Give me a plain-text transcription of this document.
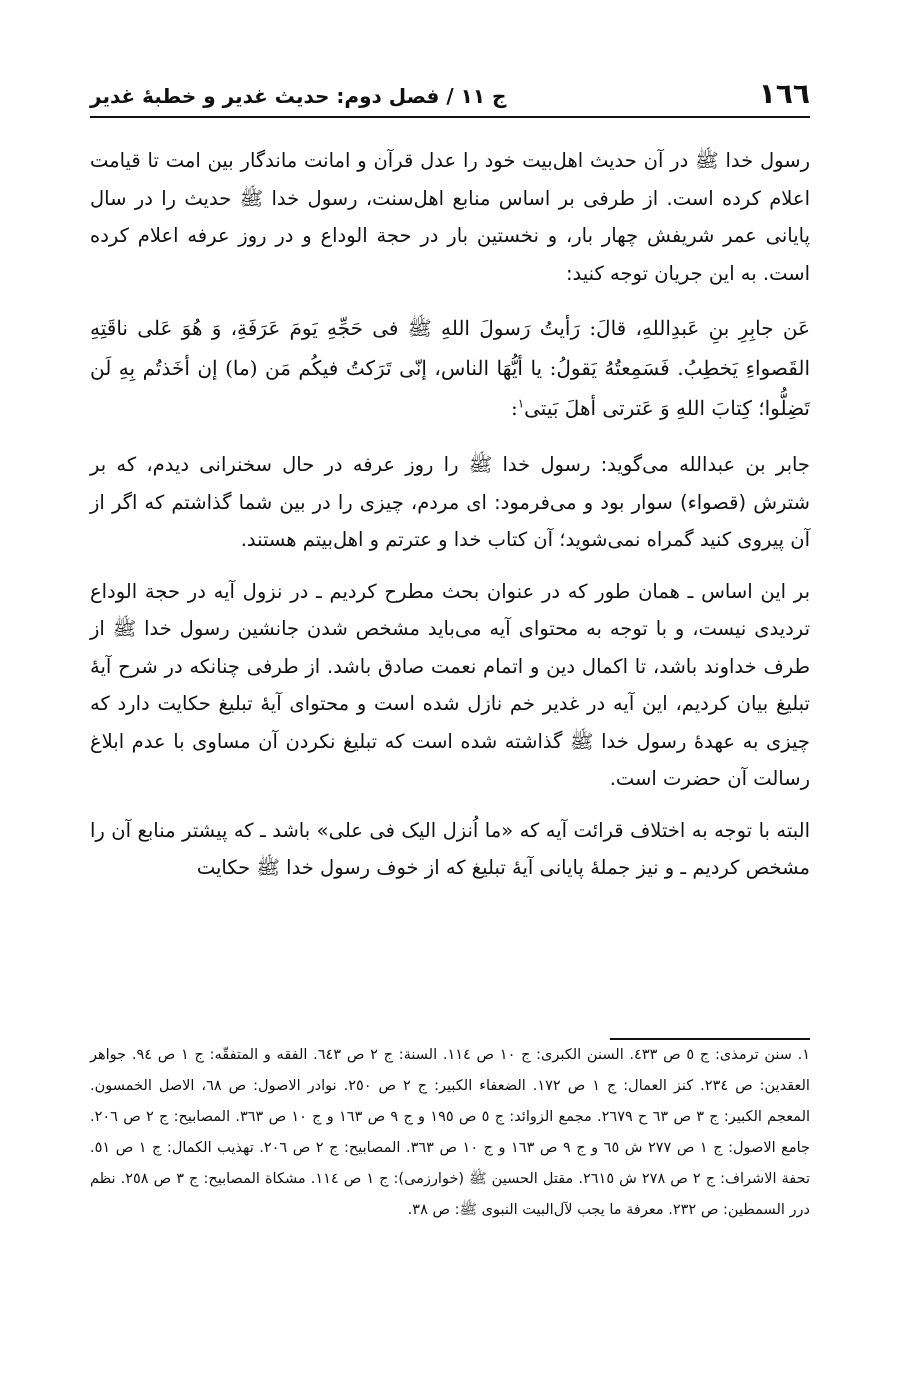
١٦٦
ج ١١ / فصل دوم: حديث غدير و خطبهٔ غدير

رسول خدا ﷺ در آن حدیث اهل‌بیت خود را عدل قرآن و امانت ماندگار بین امت تا قیامت اعلام کرده است. از طرفی بر اساس منابع اهل‌سنت، رسول خدا ﷺ حدیث را در سال پایانی عمر شریفش چهار بار، و نخستین بار در حجة الوداع و در روز عرفه اعلام کرده است. به این جریان توجه کنید:

عَن جابِرِ بنِ عَبدِاللهِ، قالَ: رَأیتُ رَسولَ اللهِ ﷺ فی حَجِّهِ یَومَ عَرَفَةِ، وَ هُوَ عَلی ناقَتِهِ القَصواءِ یَخطِبُ. فَسَمِعتُهُ یَقولُ: یا أیُّهَا الناس، إنّی تَرَکتُ فیکُم مَن (ما) إن أخَذتُم بِهِ لَن تَضِلُّوا؛ کِتابَ اللهِ وَ عَترتی أهلَ بَیتی$^١$:

جابر بن عبدالله می‌گوید: رسول خدا ﷺ را روز عرفه در حال سخنرانی دیدم، که بر شترش (قصواء) سوار بود و می‌فرمود: ای مردم، چیزی را در بین شما گذاشتم که اگر از آن پیروی کنید گمراه نمی‌شوید؛ آن کتاب خدا و عترتم و اهل‌بیتم هستند.

بر این اساس ـ همان طور که در عنوان بحث مطرح کردیم ـ در نزول آیه در حجة الوداع تردیدی نیست، و با توجه به محتوای آیه می‌باید مشخص شدن جانشین رسول خدا ﷺ از طرف خداوند باشد، تا اکمال دین و اتمام نعمت صادق باشد. از طرفی چنانکه در شرح آیهٔ تبلیغ بیان کردیم، این آیه در غدیر خم نازل شده است و محتوای آیهٔ تبلیغ حکایت دارد که چیزی به عهدهٔ رسول خدا ﷺ گذاشته شده است که تبلیغ نکردن آن مساوی با عدم ابلاغ رسالت آن حضرت است.

البته با توجه به اختلاف قرائت آیه که «ما اُنزل الیک فی علی» باشد ـ که پیشتر منابع آن را مشخص کردیم ـ و نیز جملهٔ پایانی آیهٔ تبلیغ که از خوف رسول خدا ﷺ حکایت

١. سنن ترمذی: ج ٥ ص ٤٣٣. السنن الکبری: ج ١٠ ص ١١٤. السنة: ج ٢ ص ٦٤٣. الفقه و المتفقّه: ج ١ ص ٩٤. جواهر العقدین: ص ٢٣٤. کنز العمال: ج ١ ص ١٧٢. الضعفاء الکبیر: ج ٢ ص ٢٥٠. نوادر الاصول: ص ٦٨، الاصل الخمسون. المعجم الکبیر: ج ٣ ص ٦٣ ح ٢٦٧٩. مجمع الزوائد: ج ٥ ص ١٩٥ و ج ٩ ص ١٦٣ و ج ١٠ ص ٣٦٣. المصابیح: ج ٢ ص ٢٠٦. جامع الاصول: ج ١ ص ٢٧٧ ش ٦٥ و ج ٩ ص ١٦٣ و ج ١٠ ص ٣٦٣. المصابیح: ج ٢ ص ٢٠٦. تهذیب الکمال: ج ١ ص ٥١. تحفة الاشراف: ج ٢ ص ٢٧٨ ش ٢٦١٥. مقتل الحسین ﷺ (خوارزمی): ج ١ ص ١١٤. مشکاة المصابیح: ج ٣ ص ٢٥٨. نظم درر السمطین: ص ٢٣٢. معرفة ما یجب لآل‌البیت النبوی ﷺ: ص ٣٨.
